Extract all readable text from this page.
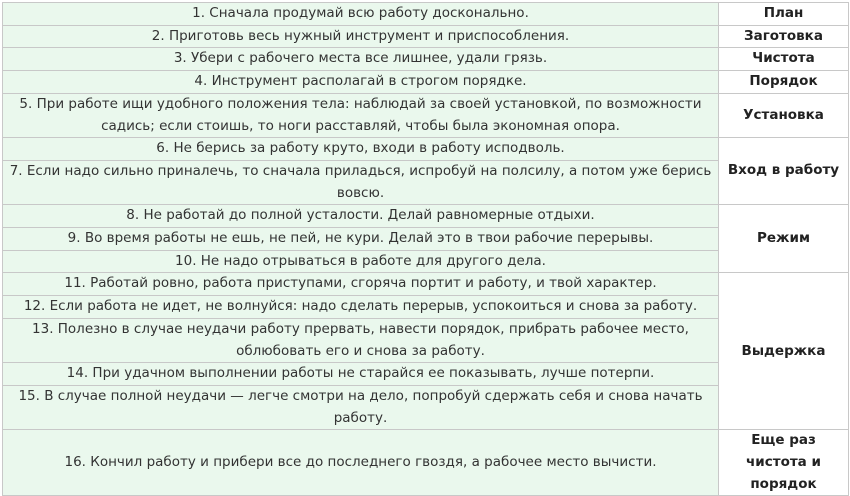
1. Сначала продумай всю работу досконально.	План
2. Приготовь весь нужный инструмент и приспособления.	Заготовка
3. Убери с рабочего места все лишнее, удали грязь.	Чистота
4. Инструмент располагай в строгом порядке.	Порядок
5. При работе ищи удобного положения тела: наблюдай за своей установкой, по возможности садись; если стоишь, то ноги расставляй, чтобы была экономная опора.	Установка
6. Не берись за работу круто, входи в работу исподволь.	Вход в работу
7. Если надо сильно приналечь, то сначала приладься, испробуй на полсилу, а потом уже берись вовсю.	
8. Не работай до полной усталости. Делай равномерные отдыхи.	Режим
9. Во время работы не ешь, не пей, не кури. Делай это в твои рабочие перерывы.	
10. Не надо отрываться в работе для другого дела.	
11. Работай ровно, работа приступами, сгоряча портит и работу, и твой характер.	Выдержка
12. Если работа не идет, не волнуйся: надо сделать перерыв, успокоиться и снова за работу.	
13. Полезно в случае неудачи работу прервать, навести порядок, прибрать рабочее место, облюбовать его и снова за работу.	
14. При удачном выполнении работы не старайся ее показывать, лучше потерпи.	
15. В случае полной неудачи — легче смотри на дело, попробуй сдержать себя и снова начать работу.	
16. Кончил работу и прибери все до последнего гвоздя, а рабочее место вычисти.	Еще раз чистота и порядок
